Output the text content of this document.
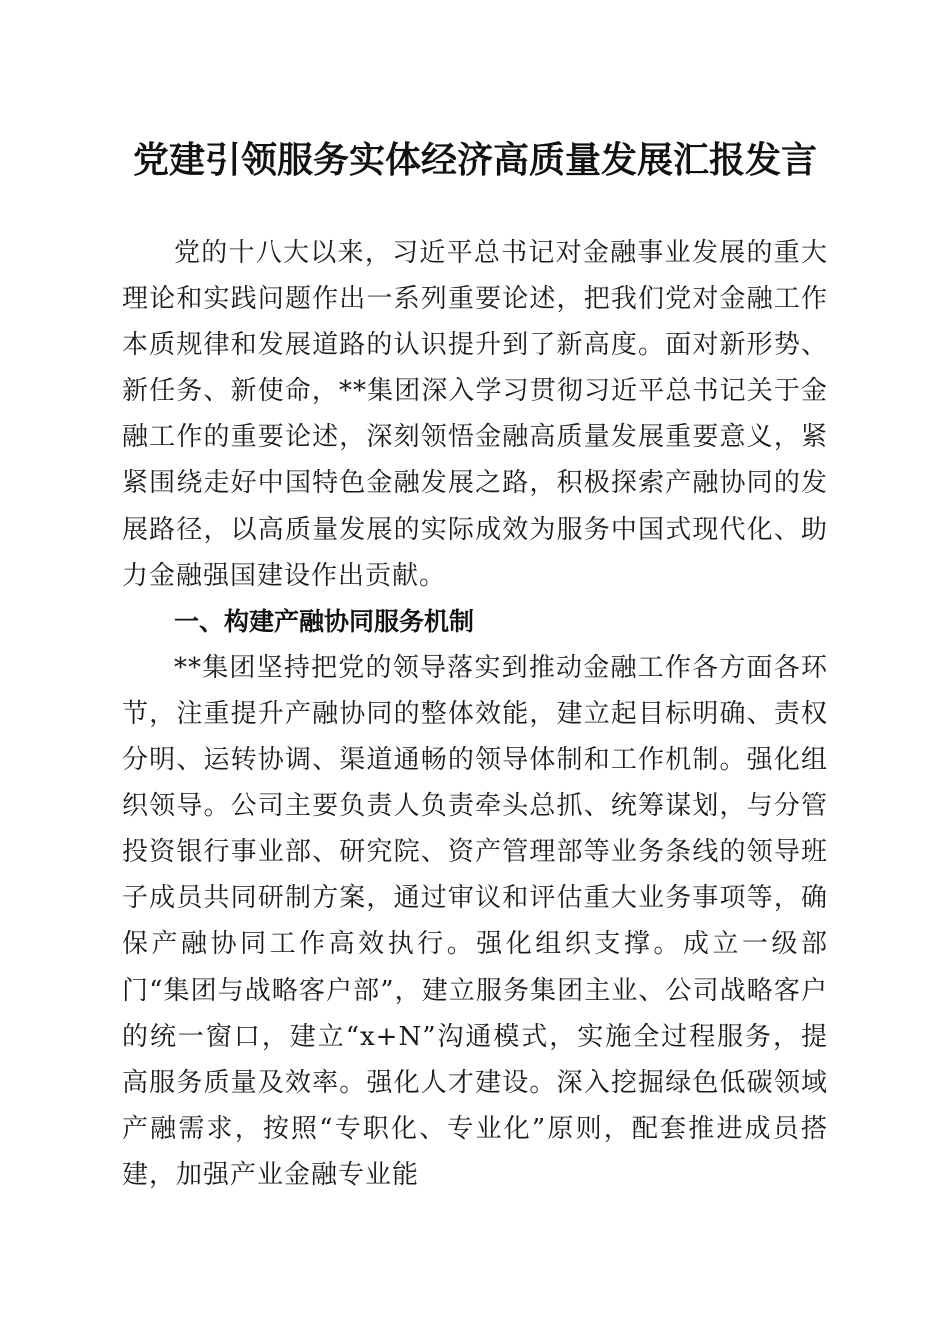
党建引领服务实体经济高质量发展汇报发言

党的十八大以来，习近平总书记对金融事业发展的重大理论和实践问题作出一系列重要论述，把我们党对金融工作本质规律和发展道路的认识提升到了新高度。面对新形势、新任务、新使命，**集团深入学习贯彻习近平总书记关于金融工作的重要论述，深刻领悟金融高质量发展重要意义，紧紧围绕走好中国特色金融发展之路，积极探索产融协同的发展路径，以高质量发展的实际成效为服务中国式现代化、助力金融强国建设作出贡献。

一、构建产融协同服务机制

**集团坚持把党的领导落实到推动金融工作各方面各环节，注重提升产融协同的整体效能，建立起目标明确、责权分明、运转协调、渠道通畅的领导体制和工作机制。强化组织领导。公司主要负责人负责牵头总抓、统筹谋划，与分管投资银行事业部、研究院、资产管理部等业务条线的领导班子成员共同研制方案，通过审议和评估重大业务事项等，确保产融协同工作高效执行。强化组织支撑。成立一级部门“集团与战略客户部”，建立服务集团主业、公司战略客户的统一窗口，建立“x+N”沟通模式，实施全过程服务，提高服务质量及效率。强化人才建设。深入挖掘绿色低碳领域产融需求，按照“专职化、专业化”原则，配套推进成员搭建，加强产业金融专业能
